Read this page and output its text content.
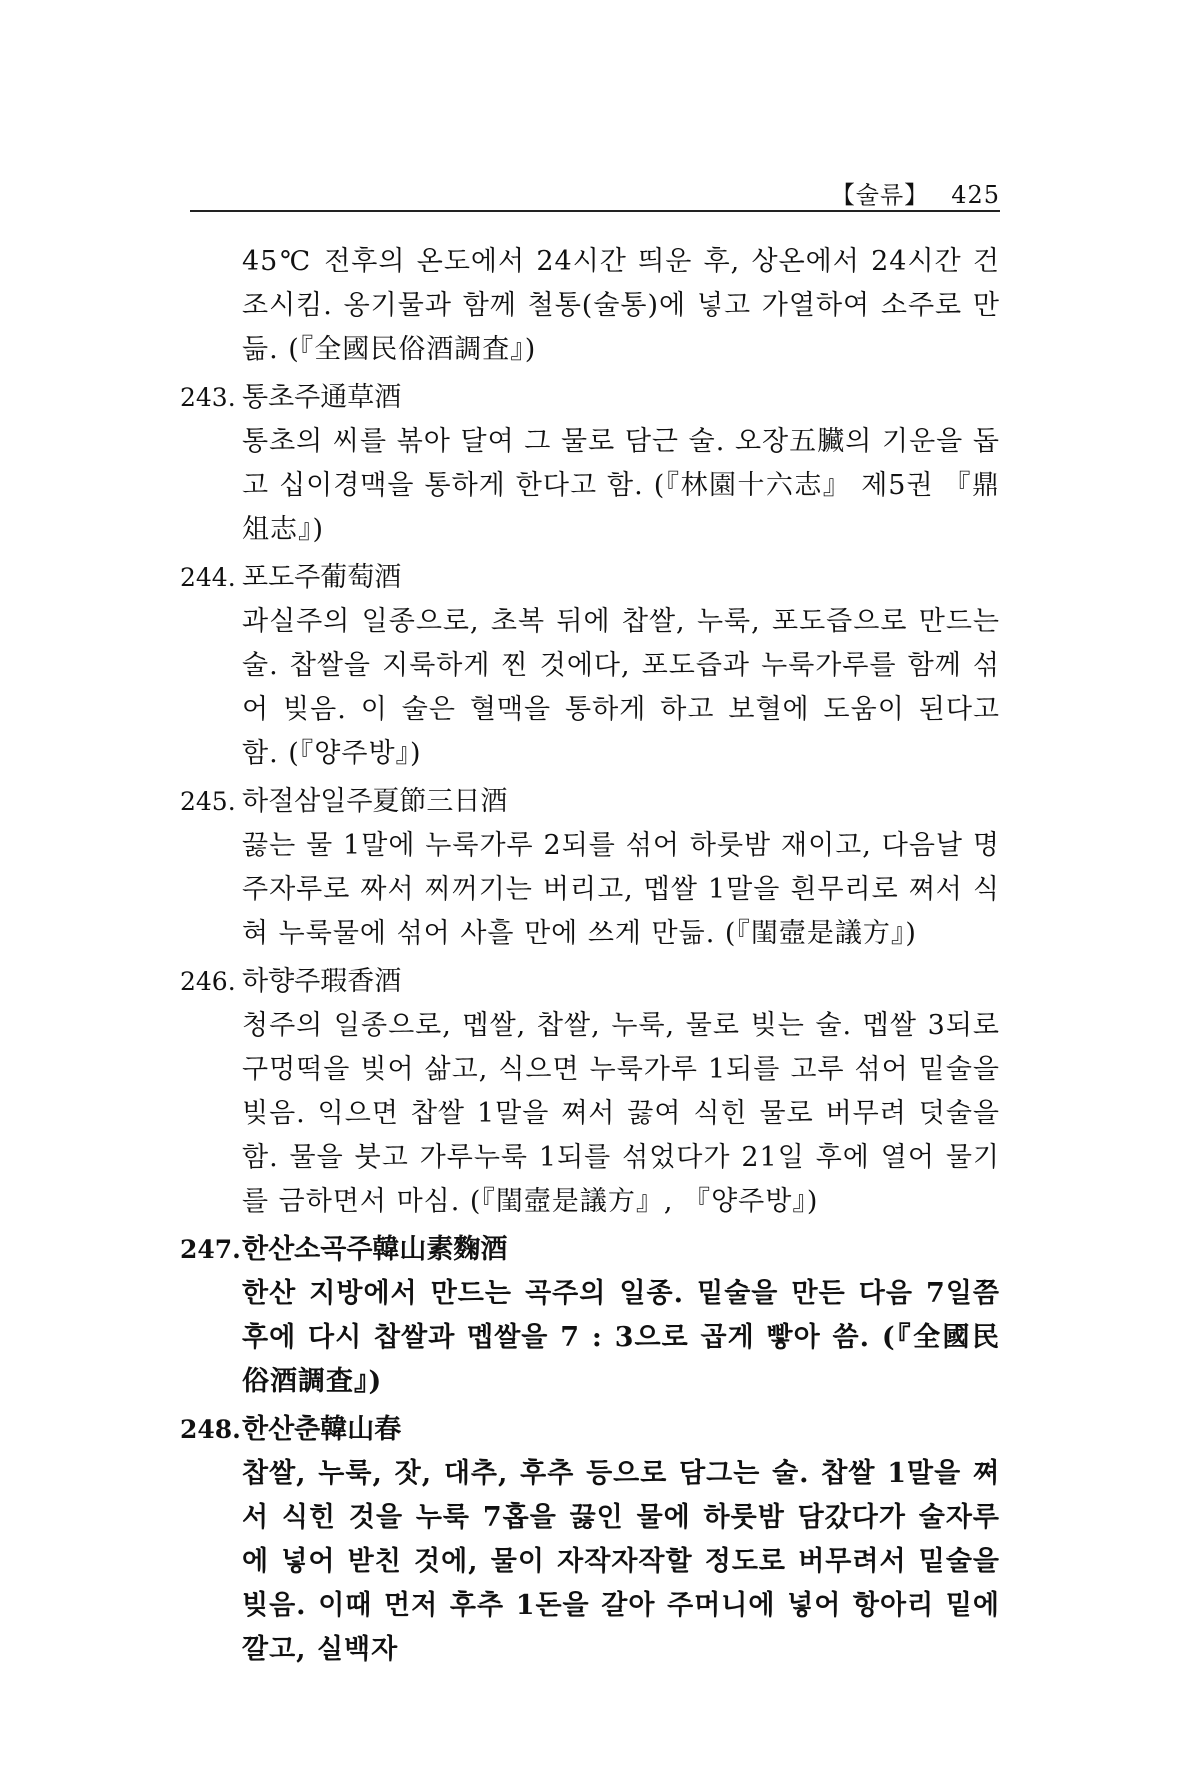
【술류】 425
45℃ 전후의 온도에서 24시간 띄운 후, 상온에서 24시간 건조시킴. 옹기물과 함께 철통(술통)에 넣고 가열하여 소주로 만듦. (『全國民俗酒調査』)
243. 통초주通草酒
통초의 씨를 볶아 달여 그 물로 담근 술. 오장五臟의 기운을 돕고 십이경맥을 통하게 한다고 함. (『林園十六志』 제5권 『鼎俎志』)
244. 포도주葡萄酒
과실주의 일종으로, 초복 뒤에 찹쌀, 누룩, 포도즙으로 만드는 술. 찹쌀을 지룩하게 찐 것에다, 포도즙과 누룩가루를 함께 섞어 빚음. 이 술은 혈맥을 통하게 하고 보혈에 도움이 된다고 함. (『양주방』)
245. 하절삼일주夏節三日酒
끓는 물 1말에 누룩가루 2되를 섞어 하룻밤 재이고, 다음날 명주자루로 짜서 찌꺼기는 버리고, 멥쌀 1말을 흰무리로 쪄서 식혀 누룩물에 섞어 사흘 만에 쓰게 만듦. (『閨壼是議方』)
246. 하향주瑕香酒
청주의 일종으로, 멥쌀, 찹쌀, 누룩, 물로 빚는 술. 멥쌀 3되로 구멍떡을 빚어 삶고, 식으면 누룩가루 1되를 고루 섞어 밑술을 빚음. 익으면 찹쌀 1말을 쪄서 끓여 식힌 물로 버무려 덧술을 함. 물을 붓고 가루누룩 1되를 섞었다가 21일 후에 열어 물기를 금하면서 마심. (『閨壼是議方』, 『양주방』)
247. 한산소곡주韓山素麴酒
한산 지방에서 만드는 곡주의 일종. 밑술을 만든 다음 7일쯤 후에 다시 찹쌀과 멥쌀을 7 : 3으로 곱게 빻아 씀. (『全國民俗酒調査』)
248. 한산춘韓山春
찹쌀, 누룩, 잣, 대추, 후추 등으로 담그는 술. 찹쌀 1말을 쪄서 식힌 것을 누룩 7홉을 끓인 물에 하룻밤 담갔다가 술자루에 넣어 받친 것에, 물이 자작자작할 정도로 버무려서 밑술을 빚음. 이때 먼저 후추 1돈을 갈아 주머니에 넣어 항아리 밑에 깔고, 실백자
